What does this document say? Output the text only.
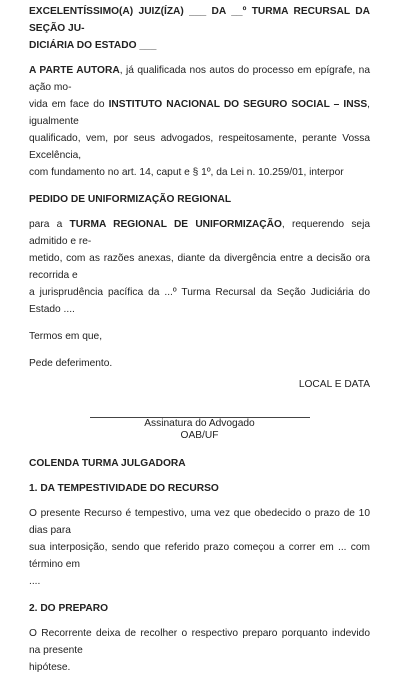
EXCELENTÍSSIMO(A) JUIZ(ÍZA) ___ DA __º TURMA RECURSAL DA SEÇÃO JU-

DICIÁRIA DO ESTADO ___

A PARTE AUTORA, já qualificada nos autos do processo em epígrafe, na ação mo-

vida em face do INSTITUTO NACIONAL DO SEGURO SOCIAL – INSS, igualmente

qualificado, vem, por seus advogados, respeitosamente, perante Vossa Excelência,

com fundamento no art. 14, caput e § 1º, da Lei n. 10.259/01, interpor

PEDIDO DE UNIFORMIZAÇÃO REGIONAL

para a TURMA REGIONAL DE UNIFORMIZAÇÃO, requerendo seja admitido e re-

metido, com as razões anexas, diante da divergência entre a decisão ora recorrida e

a jurisprudência pacífica da ...º Turma Recursal da Seção Judiciária do Estado ....

Termos em que,

Pede deferimento.

LOCAL E DATA

Assinatura do Advogado

OAB/UF

COLENDA TURMA JULGADORA

1. DA TEMPESTIVIDADE DO RECURSO

O presente Recurso é tempestivo, uma vez que obedecido o prazo de 10 dias para

sua interposição, sendo que referido prazo começou a correr em ... com término em

....

2. DO PREPARO

O Recorrente deixa de recolher o respectivo preparo porquanto indevido na presente

hipótese.
